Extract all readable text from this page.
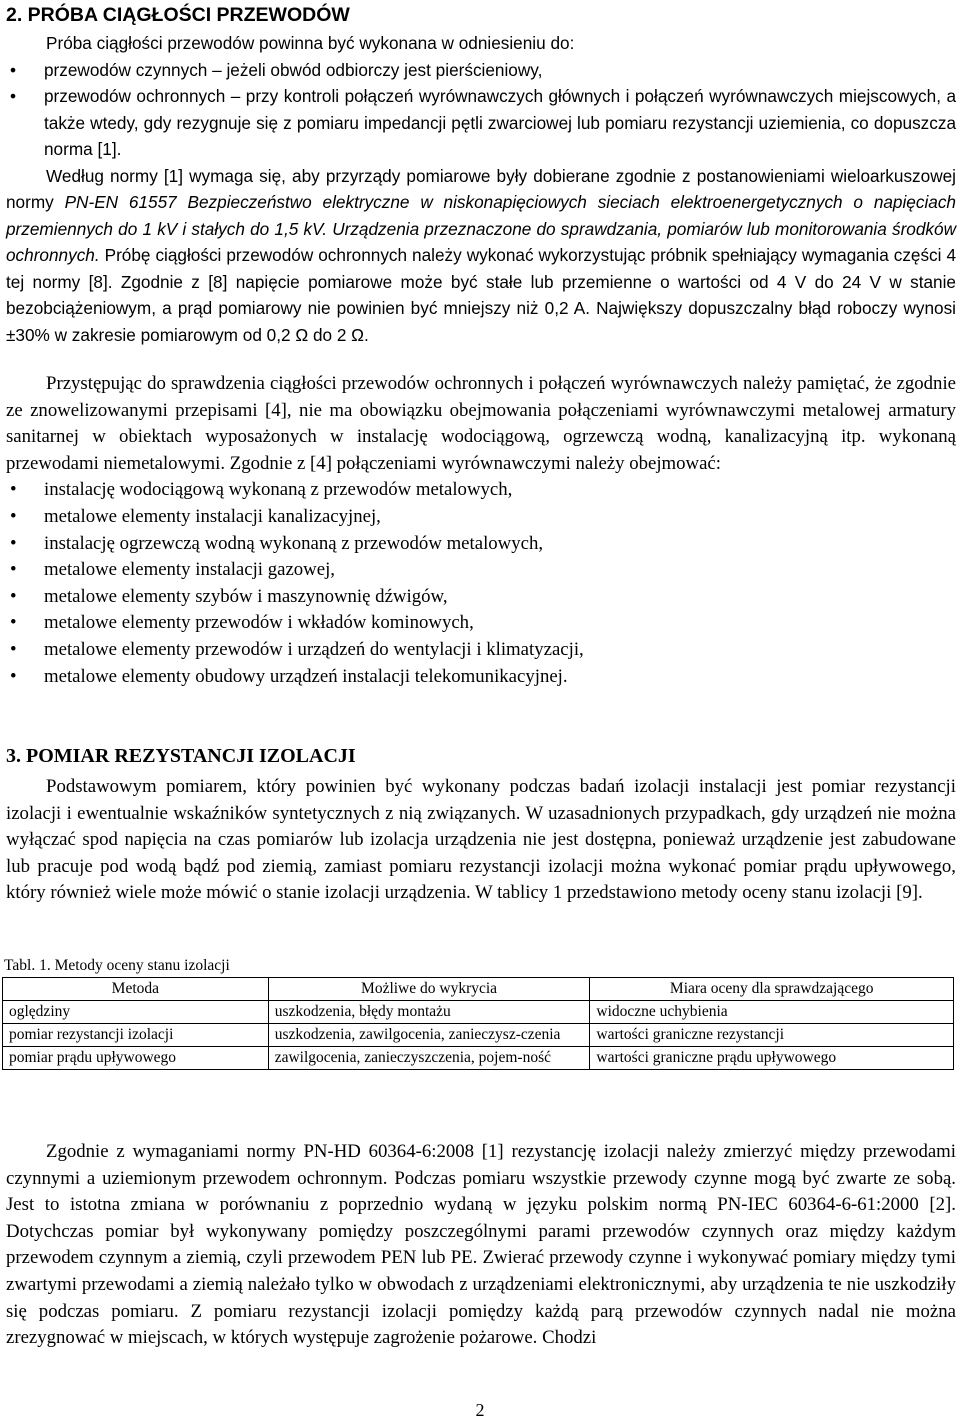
2. PRÓBA CIĄGŁOŚCI PRZEWODÓW
Próba ciągłości przewodów powinna być wykonana w odniesieniu do:
• przewodów czynnych – jeżeli obwód odbiorczy jest pierścieniowy,
• przewodów ochronnych – przy kontroli połączeń wyrównawczych głównych i połączeń wyrównawczych miejscowych, a także wtedy, gdy rezygnuje się z pomiaru impedancji pętli zwarciowej lub pomiaru rezystancji uziemienia, co dopuszcza norma [1].
Według normy [1] wymaga się, aby przyrządy pomiarowe były dobierane zgodnie z postanowieniami wieloarkuszowej normy PN-EN 61557 Bezpieczeństwo elektryczne w niskonapięciowych sieciach elektroenergetycznych o napięciach przemiennych do 1 kV i stałych do 1,5 kV. Urządzenia przeznaczone do sprawdzania, pomiarów lub monitorowania środków ochronnych. Próbę ciągłości przewodów ochronnych należy wykonać wykorzystując próbnik spełniający wymagania części 4 tej normy [8]. Zgodnie z [8] napięcie pomiarowe może być stałe lub przemienne o wartości od 4 V do 24 V w stanie bezobciążeniowym, a prąd pomiarowy nie powinien być mniejszy niż 0,2 A. Największy dopuszczalny błąd roboczy wynosi ±30% w zakresie pomiarowym od 0,2 Ω do 2 Ω.
Przystępując do sprawdzenia ciągłości przewodów ochronnych i połączeń wyrównawczych należy pamiętać, że zgodnie ze znowelizowanymi przepisami [4], nie ma obowiązku obejmowania połączeniami wyrównawczymi metalowej armatury sanitarnej w obiektach wyposażonych w instalację wodociągową, ogrzewczą wodną, kanalizacyjną itp. wykonaną przewodami niemetalowymi. Zgodnie z [4] połączeniami wyrównawczymi należy obejmować:
• instalację wodociągową wykonaną z przewodów metalowych,
• metalowe elementy instalacji kanalizacyjnej,
• instalację ogrzewczą wodną wykonaną z przewodów metalowych,
• metalowe elementy instalacji gazowej,
• metalowe elementy szybów i maszynownię dźwigów,
• metalowe elementy przewodów i wkładów kominowych,
• metalowe elementy przewodów i urządzeń do wentylacji i klimatyzacji,
• metalowe elementy obudowy urządzeń instalacji telekomunikacyjnej.
3. POMIAR REZYSTANCJI IZOLACJI
Podstawowym pomiarem, który powinien być wykonany podczas badań izolacji instalacji jest pomiar rezystancji izolacji i ewentualnie wskaźników syntetycznych z nią związanych. W uzasadnionych przypadkach, gdy urządzeń nie można wyłączać spod napięcia na czas pomiarów lub izolacja urządzenia nie jest dostępna, ponieważ urządzenie jest zabudowane lub pracuje pod wodą bądź pod ziemią, zamiast pomiaru rezystancji izolacji można wykonać pomiar prądu upływowego, który również wiele może mówić o stanie izolacji urządzenia. W tablicy 1 przedstawiono metody oceny stanu izolacji [9].
Tabl. 1. Metody oceny stanu izolacji
Metoda	Możliwe do wykrycia	Miara oceny dla sprawdzającego
oględziny	uszkodzenia, błędy montażu	widoczne uchybienia
pomiar rezystancji izolacji	uszkodzenia, zawilgocenia, zanieczysz-czenia	wartości graniczne rezystancji
pomiar prądu upływowego	zawilgocenia, zanieczyszczenia, pojem-ność	wartości graniczne prądu upływowego
Zgodnie z wymaganiami normy PN-HD 60364-6:2008 [1] rezystancję izolacji należy zmierzyć między przewodami czynnymi a uziemionym przewodem ochronnym. Podczas pomiaru wszystkie przewody czynne mogą być zwarte ze sobą. Jest to istotna zmiana w porównaniu z poprzednio wydaną w języku polskim normą PN-IEC 60364-6-61:2000 [2]. Dotychczas pomiar był wykonywany pomiędzy poszczególnymi parami przewodów czynnych oraz między każdym przewodem czynnym a ziemią, czyli przewodem PEN lub PE. Zwierać przewody czynne i wykonywać pomiary między tymi zwartymi przewodami a ziemią należało tylko w obwodach z urządzeniami elektronicznymi, aby urządzenia te nie uszkodziły się podczas pomiaru. Z pomiaru rezystancji izolacji pomiędzy każdą parą przewodów czynnych nadal nie można zrezygnować w miejscach, w których występuje zagrożenie pożarowe. Chodzi
2
